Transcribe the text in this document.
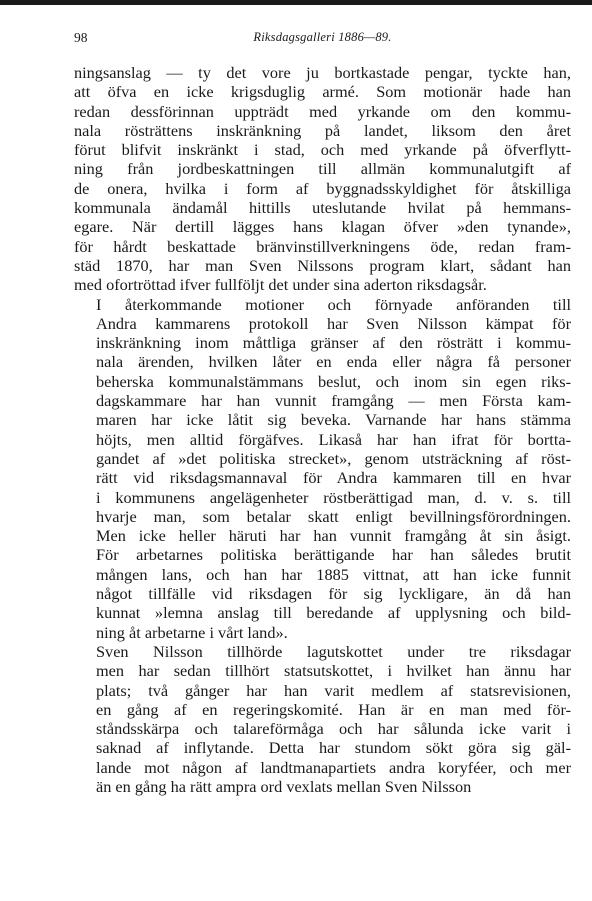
98	Riksdagsgalleri 1886—89.
ningsanslag — ty det vore ju bortkastade pengar, tyckte han,
att öfva en icke krigsduglig armé. Som motionär hade han
redan dessförinnan uppträdt med yrkande om den kommu-
nala rösträttens inskränkning på landet, liksom den året
förut blifvit inskränkt i stad, och med yrkande på öfverflytt-
ning från jordbeskattningen till allmän kommunalutgift af
de onera, hvilka i form af byggnadsskyldighet för åtskilliga
kommunala ändamål hittills uteslutande hvilat på hemmans-
egare. När dertill lägges hans klagan öfver »den tynande»,
för hårdt beskattade bränvinstillverkningens öde, redan fram-
städ 1870, har man Sven Nilssons program klart, sådant han
med ofortröttad ifver fullföljt det under sina aderton riksdagsår.
I återkommande motioner och förnyade anföranden till
Andra kammarens protokoll har Sven Nilsson kämpat för
inskränkning inom måttliga gränser af den rösträtt i kommu-
nala ärenden, hvilken låter en enda eller några få personer
beherska kommunalstämmans beslut, och inom sin egen riks-
dagskammare har han vunnit framgång — men Första kam-
maren har icke låtit sig beveka. Varnande har hans stämma
höjts, men alltid förgäfves. Likaså har han ifrat för bortta-
gandet af »det politiska strecket», genom utsträckning af röst-
rätt vid riksdagsmannaval för Andra kammaren till en hvar
i kommunens angelägenheter röstberättigad man, d. v. s. till
hvarje man, som betalar skatt enligt bevillningsförordningen.
Men icke heller häruti har han vunnit framgång åt sin åsigt.
För arbetarnes politiska berättigande har han således brutit
mången lans, och han har 1885 vittnat, att han icke funnit
något tillfälle vid riksdagen för sig lyckligare, än då han
kunnat »lemna anslag till beredande af upplysning och bild-
ning åt arbetarne i vårt land».
Sven Nilsson tillhörde lagutskottet under tre riksdagar
men har sedan tillhört statsutskottet, i hvilket han ännu har
plats; två gånger har han varit medlem af statsrevisionen,
en gång af en regeringskomité. Han är en man med för-
ståndsskärpa och talareförmåga och har sålunda icke varit i
saknad af inflytande. Detta har stundom sökt göra sig gäl-
lande mot någon af landtmanapartiets andra koryféer, och mer
än en gång ha rätt ampra ord vexlats mellan Sven Nilsson
